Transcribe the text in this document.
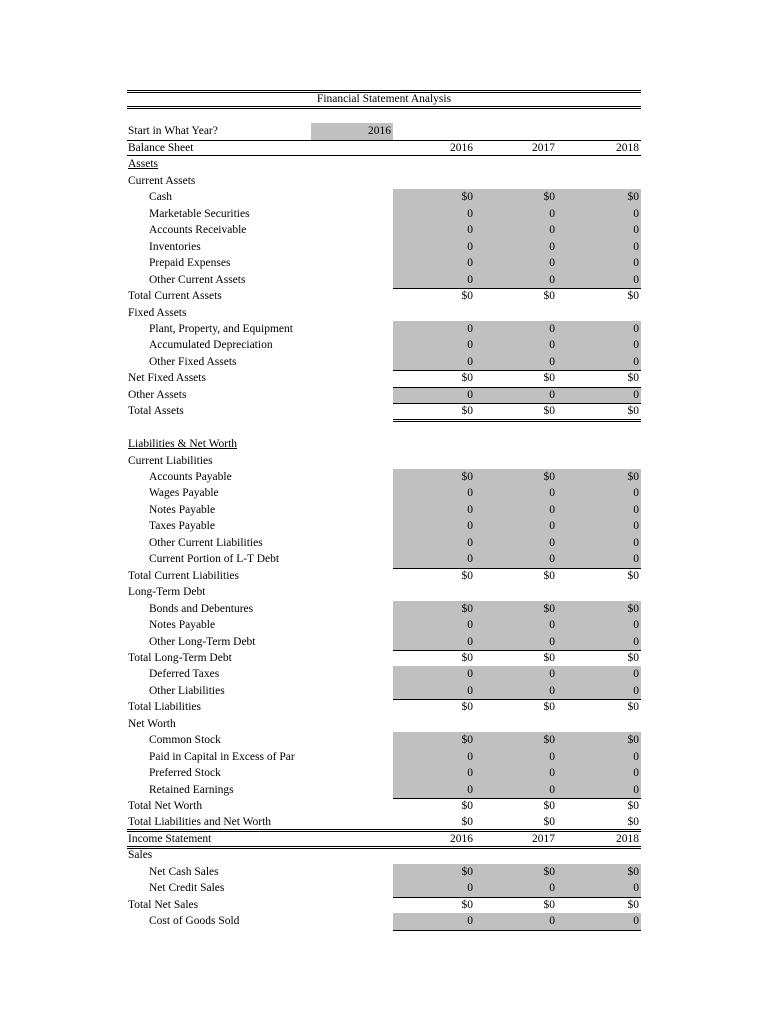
Financial Statement Analysis
Start in What Year?	2016
Balance Sheet	2016	2017	2018
Assets
Current Assets
Cash	$0	$0	$0
Marketable Securities	0	0	0
Accounts Receivable	0	0	0
Inventories	0	0	0
Prepaid Expenses	0	0	0
Other Current Assets	0	0	0
Total Current Assets	$0	$0	$0
Fixed Assets
Plant, Property, and Equipment	0	0	0
Accumulated Depreciation	0	0	0
Other Fixed Assets	0	0	0
Net Fixed Assets	$0	$0	$0
Other Assets	0	0	0
Total Assets	$0	$0	$0
Liabilities & Net Worth
Current Liabilities
Accounts Payable	$0	$0	$0
Wages Payable	0	0	0
Notes Payable	0	0	0
Taxes Payable	0	0	0
Other Current Liabilities	0	0	0
Current Portion of L-T Debt	0	0	0
Total Current Liabilities	$0	$0	$0
Long-Term Debt
Bonds and Debentures	$0	$0	$0
Notes Payable	0	0	0
Other Long-Term Debt	0	0	0
Total Long-Term Debt	$0	$0	$0
Deferred Taxes	0	0	0
Other Liabilities	0	0	0
Total Liabilities	$0	$0	$0
Net Worth
Common Stock	$0	$0	$0
Paid in Capital in Excess of Par	0	0	0
Preferred Stock	0	0	0
Retained Earnings	0	0	0
Total Net Worth	$0	$0	$0
Total Liabilities and Net Worth	$0	$0	$0
Income Statement	2016	2017	2018
Sales
Net Cash Sales	$0	$0	$0
Net Credit Sales	0	0	0
Total Net Sales	$0	$0	$0
Cost of Goods Sold	0	0	0
